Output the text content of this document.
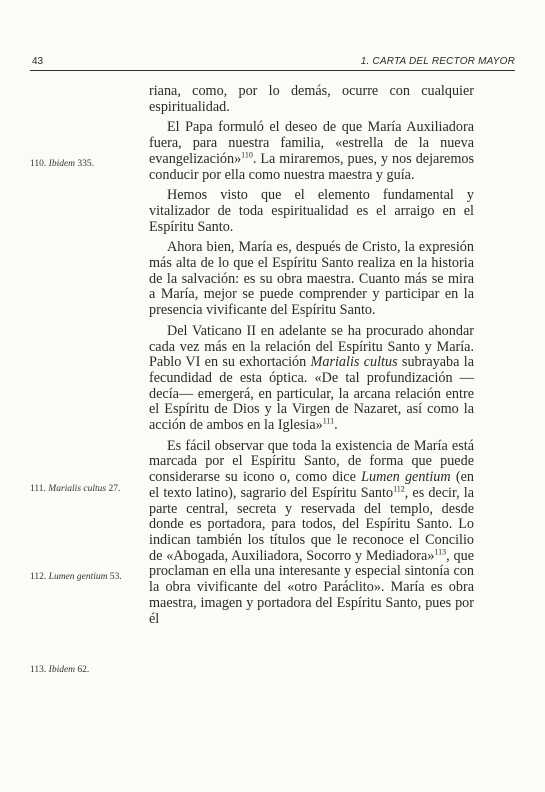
43	1. CARTA DEL RECTOR MAYOR

riana, como, por lo demás, ocurre con cualquier espiritualidad.

El Papa formuló el deseo de que María Auxiliadora fuera, para nuestra familia, «estrella de la nueva evangelización»$^{110}$. La miraremos, pues, y nos dejaremos conducir por ella como nuestra maestra y guía.

Hemos visto que el elemento fundamental y vitalizador de toda espiritualidad es el arraigo en el Espíritu Santo.

Ahora bien, María es, después de Cristo, la expresión más alta de lo que el Espíritu Santo realiza en la historia de la salvación: es su obra maestra. Cuanto más se mira a María, mejor se puede comprender y participar en la presencia vivificante del Espíritu Santo.

Del Vaticano II en adelante se ha procurado ahondar cada vez más en la relación del Espíritu Santo y María. Pablo VI en su exhortación Marialis cultus subrayaba la fecundidad de esta óptica. «De tal profundización —decía— emergerá, en particular, la arcana relación entre el Espíritu de Dios y la Virgen de Nazaret, así como la acción de ambos en la Iglesia»$^{111}$.

Es fácil observar que toda la existencia de María está marcada por el Espíritu Santo, de forma que puede considerarse su icono o, como dice Lumen gentium (en el texto latino), sagrario del Espíritu Santo$^{112}$, es decir, la parte central, secreta y reservada del templo, desde donde es portadora, para todos, del Espíritu Santo. Lo indican también los títulos que le reconoce el Concilio de «Abogada, Auxiliadora, Socorro y Mediadora»$^{113}$, que proclaman en ella una interesante y especial sintonía con la obra vivificante del «otro Paráclito». María es obra maestra, imagen y portadora del Espíritu Santo, pues por él

110. Ibidem 335.
111. Marialis cultus 27.
112. Lumen gentium 53.
113. Ibidem 62.
